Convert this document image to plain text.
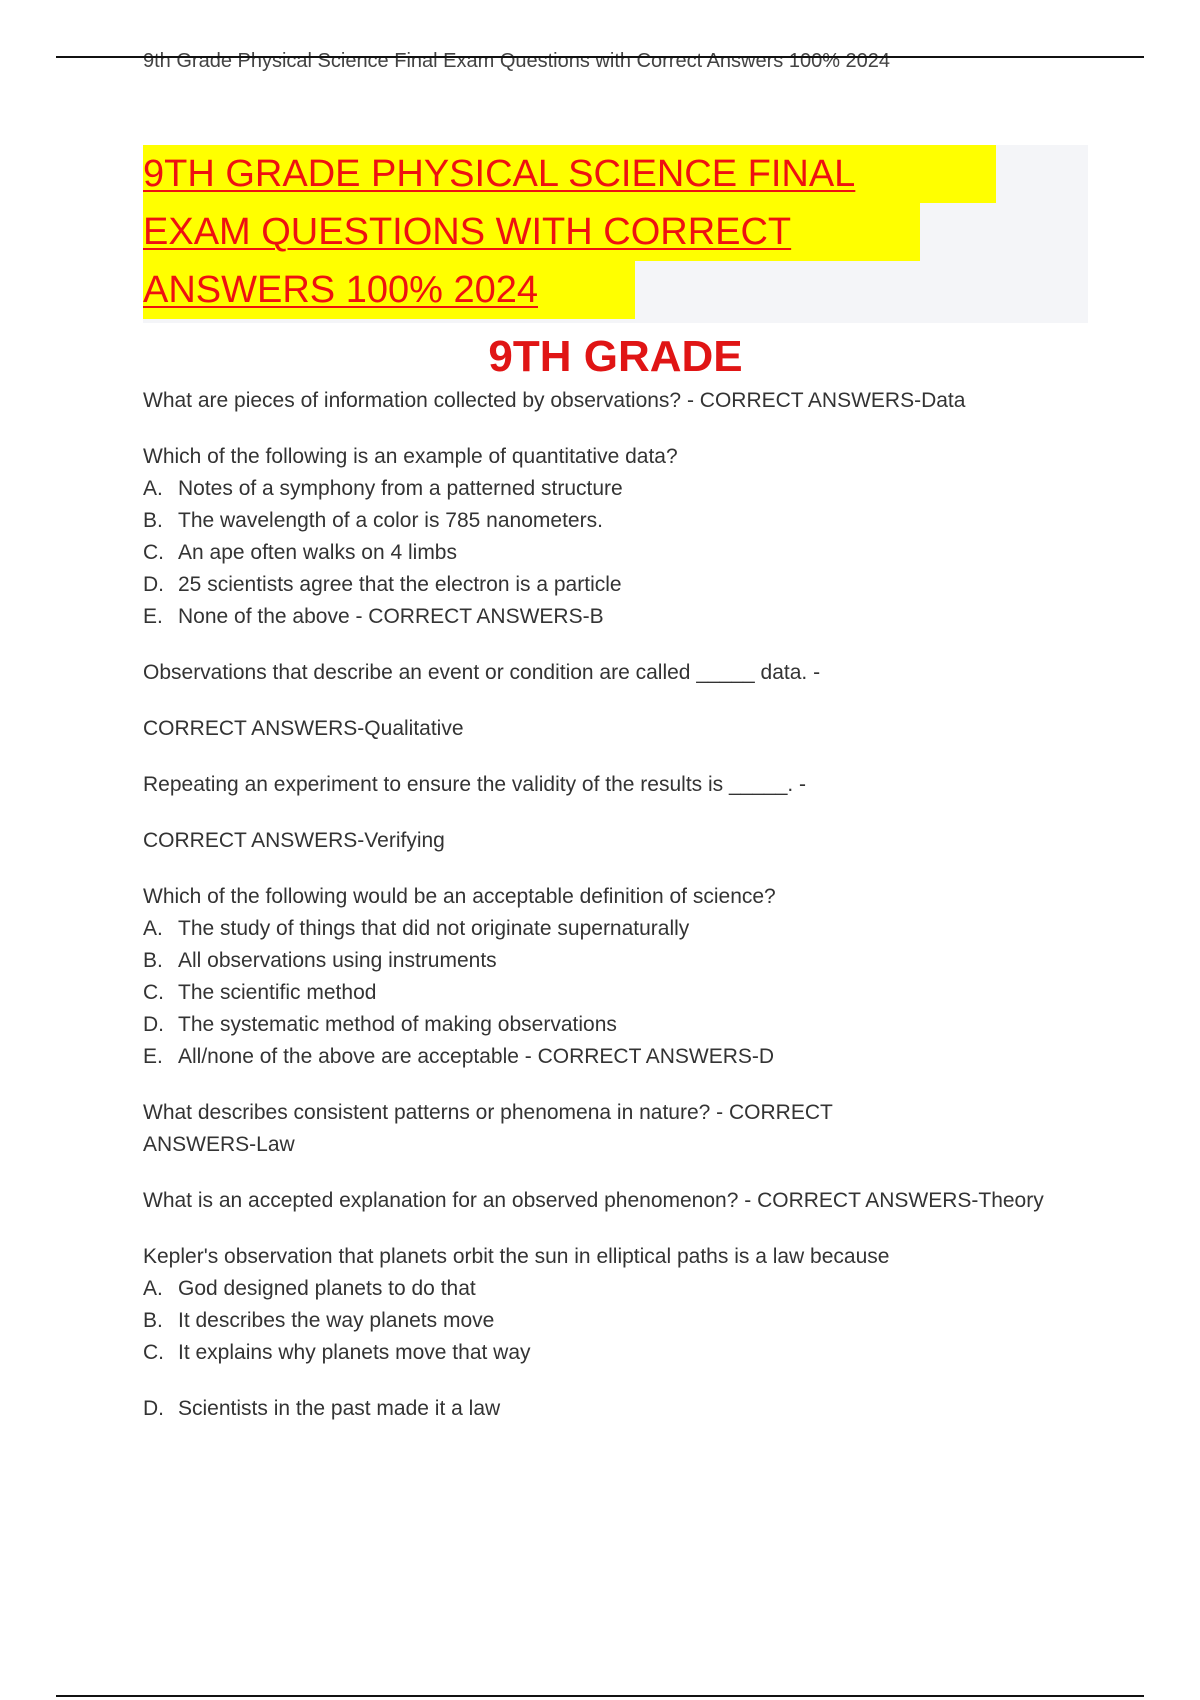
9th Grade Physical Science Final Exam Questions with Correct Answers 100% 2024
9TH GRADE PHYSICAL SCIENCE FINAL
EXAM QUESTIONS WITH CORRECT
ANSWERS 100% 2024
9TH GRADE

What are pieces of information collected by observations? - CORRECT ANSWERS-Data

Which of the following is an example of quantitative data?

A. Notes of a symphony from a patterned structure
B. The wavelength of a color is 785 nanometers.
C. An ape often walks on 4 limbs
D. 25 scientists agree that the electron is a particle
E. None of the above - CORRECT ANSWERS-B

Observations that describe an event or condition are called _____ data. -

CORRECT ANSWERS-Qualitative

Repeating an experiment to ensure the validity of the results is _____. -

CORRECT ANSWERS-Verifying

Which of the following would be an acceptable definition of science?

A. The study of things that did not originate supernaturally
B. All observations using instruments
C. The scientific method
D. The systematic method of making observations
E. All/none of the above are acceptable - CORRECT ANSWERS-D
What describes consistent patterns or phenomena in nature? - CORRECT
ANSWERS-Law

What is an accepted explanation for an observed phenomenon? - CORRECT ANSWERS-Theory

Kepler's observation that planets orbit the sun in elliptical paths is a law because

A. God designed planets to do that
B. It describes the way planets move
C. It explains why planets move that way
D. Scientists in the past made it a law
